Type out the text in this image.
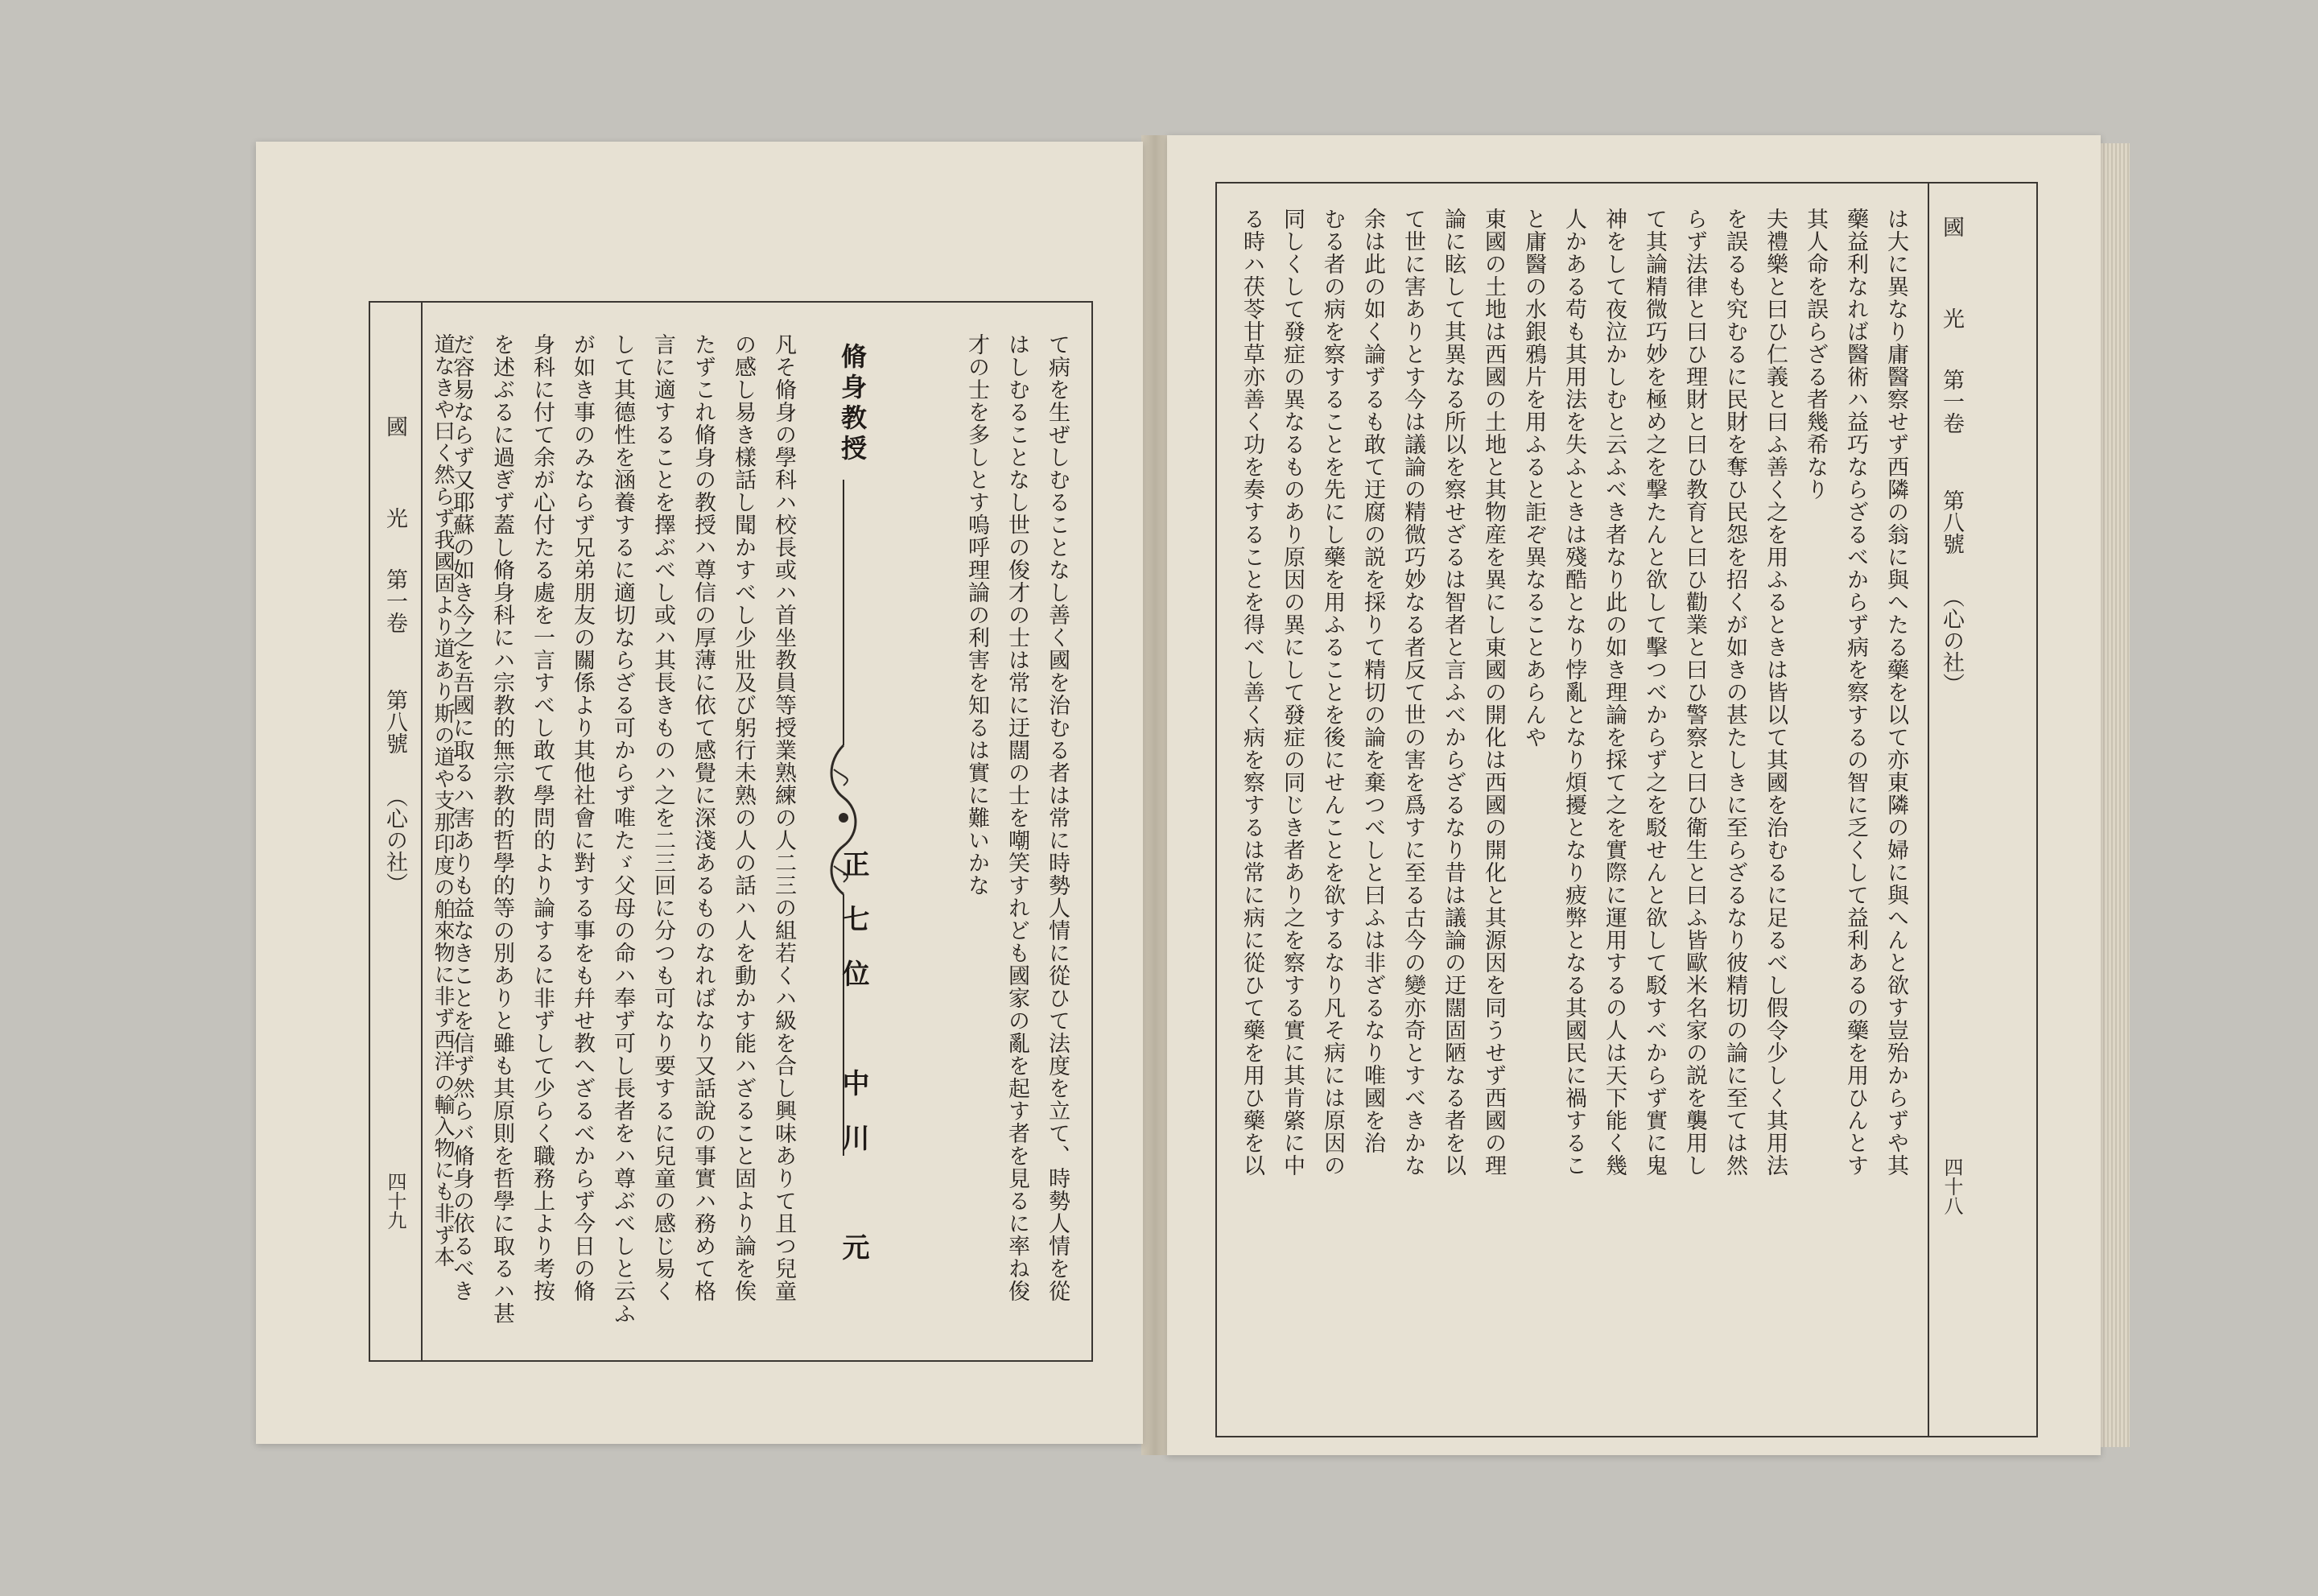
國　光
第一卷
第八號
（心の社）
四十八
は大に異なり庸醫察せず西隣の翁に與へたる藥を以て亦東隣の婦に與へんと欲す豈殆からずや其
藥益利なれば醫術ハ益巧ならざるべからず病を察するの智に乏くして益利あるの藥を用ひんとす
其人命を誤らざる者幾希なり
夫禮樂と曰ひ仁義と曰ふ善く之を用ふるときは皆以て其國を治むるに足るべし假令少しく其用法
を誤るも究むるに民財を奪ひ民怨を招くが如きの甚たしきに至らざるなり彼精切の論に至ては然
らず法律と曰ひ理財と曰ひ教育と曰ひ勸業と曰ひ警察と曰ひ衛生と曰ふ皆歐米名家の説を襲用し
て其論精微巧妙を極め之を撃たんと欲して擊つべからず之を駁せんと欲して駁すべからず實に鬼
神をして夜泣かしむと云ふべき者なり此の如き理論を採て之を實際に運用するの人は天下能く幾
人かある苟も其用法を失ふときは殘酷となり悖亂となり煩擾となり疲弊となる其國民に禍するこ
と庸醫の水銀鴉片を用ふると詎ぞ異なることあらんや
東國の土地は西國の土地と其物産を異にし東國の開化は西國の開化と其源因を同うせず西國の理
論に眩して其異なる所以を察せざるは智者と言ふべからざるなり昔は議論の迂闊固陋なる者を以
て世に害ありとす今は議論の精微巧妙なる者反て世の害を爲すに至る古今の變亦奇とすべきかな
余は此の如く論ずるも敢て迂腐の説を採りて精切の論を棄つべしと曰ふは非ざるなり唯國を治
むる者の病を察することを先にし藥を用ふることを後にせんことを欲するなり凡そ病には原因の
同しくして發症の異なるものあり原因の異にして發症の同じき者あり之を察する實に其肯綮に中
る時ハ茯苓甘草亦善く功を奏することを得べし善く病を察するは常に病に從ひて藥を用ひ藥を以
國　光
第一卷
第八號
（心の社）
四十九	て病を生ぜしむることなし善く國を治むる者は常に時勢人情に從ひて法度を立て、時勢人情を從
はしむることなし世の俊才の士は常に迂闊の士を嘲笑すれども國家の亂を起す者を見るに率ね俊
才の士を多しとす嗚呼理論の利害を知るは實に難いかな
脩身教授
正七位　中川　元
凡そ脩身の學科ハ校長或ハ首坐教員等授業熟練の人二三の組若くハ級を合し興味ありて且つ兒童
の感し易き樣話し聞かすべし少壯及び躬行未熟の人の話ハ人を動かす能ハざること固より論を俟
たずこれ脩身の教授ハ尊信の厚薄に依て感覺に深淺あるものなればなり又話說の事實ハ務めて格
言に適することを擇ぶべし或ハ其長きものハ之を二三回に分つも可なり要するに兒童の感じ易く
して其德性を涵養するに適切ならざる可からず唯たゞ父母の命ハ奉ず可し長者をハ尊ぶべしと云ふ
が如き事のみならず兄弟朋友の關係より其他社會に對する事をも幷せ教へざるべからず今日の脩
身科に付て余が心付たる處を一言すべし敢て學問的より論するに非ずして少らく職務上より考按
を述ぶるに過ぎず蓋し脩身科にハ宗教的無宗教的哲學的等の別ありと雖も其原則を哲學に取るハ甚
だ容易ならず又耶蘇の如き今之を吾國に取るハ害ありも益なきことを信ず然らバ脩身の依るべき
道なきや曰く然らず我國固より道あり斯の道や支那印度の舶來物に非ず西洋の輸入物にも非ず本
